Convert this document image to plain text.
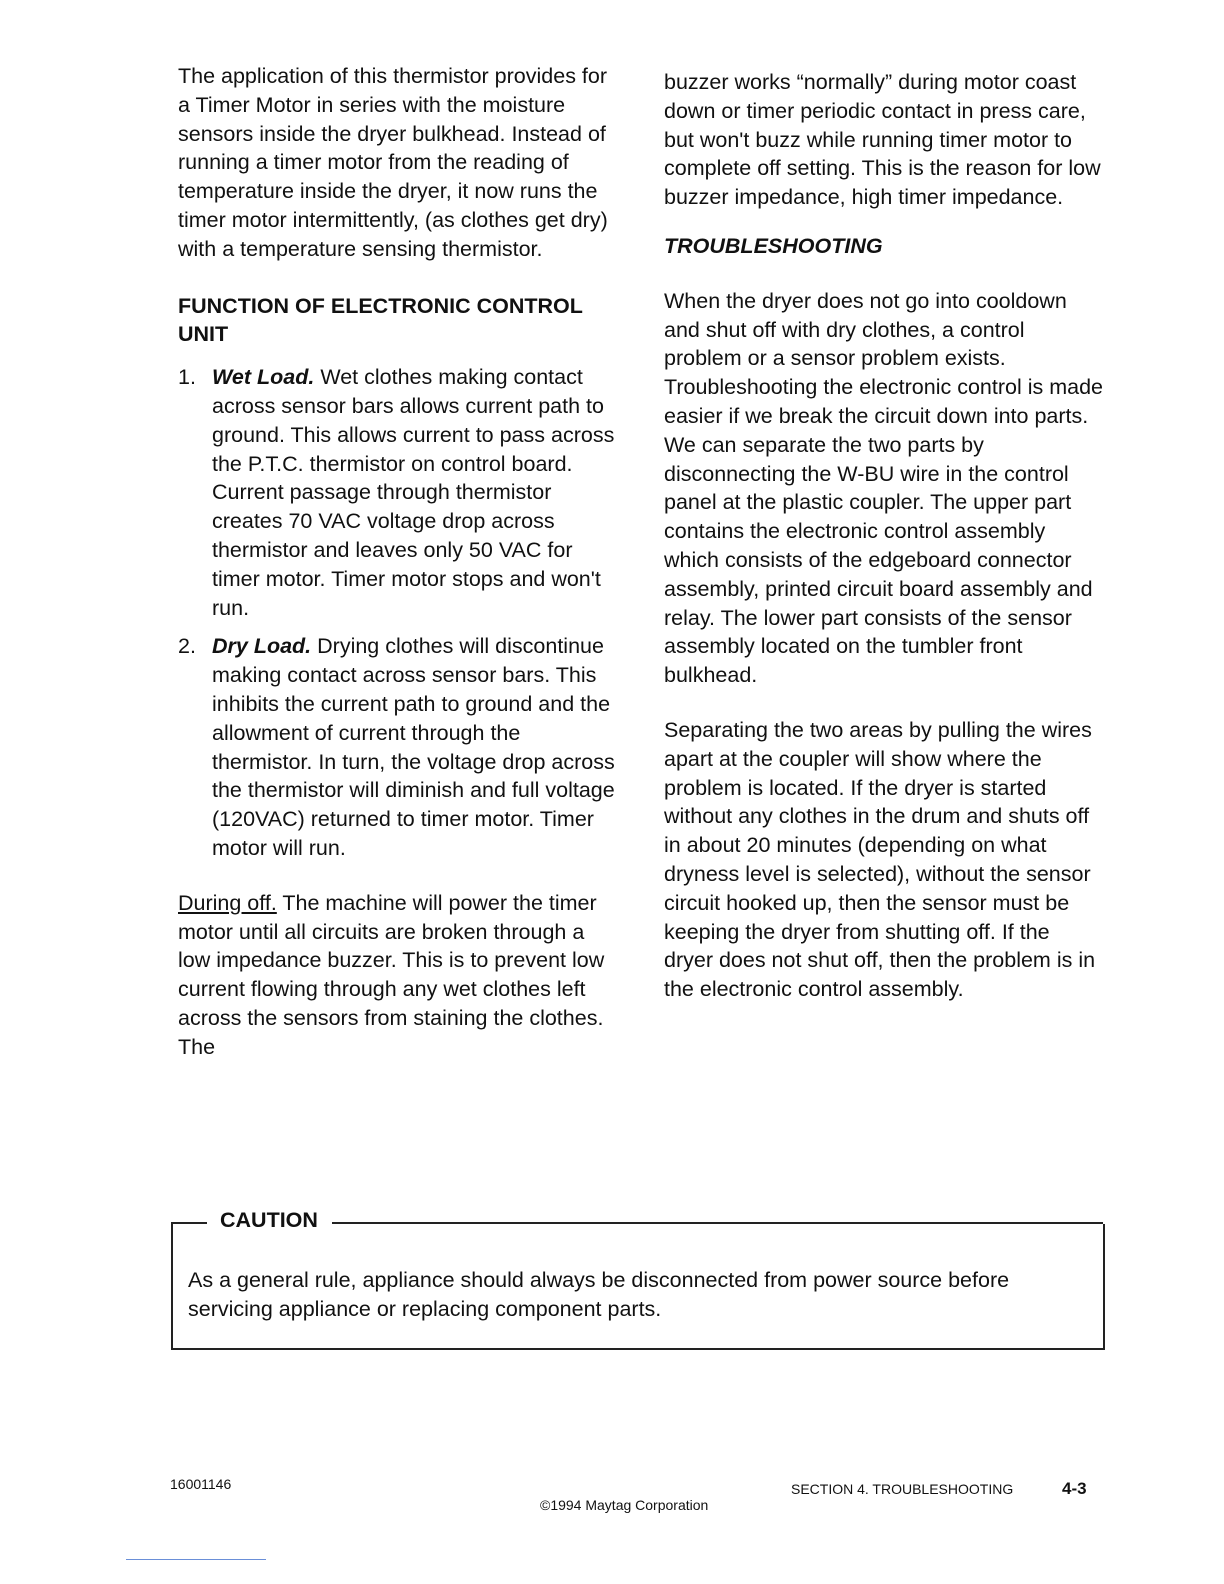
The application of this thermistor provides for a Timer Motor in series with the moisture sensors inside the dryer bulkhead. Instead of running a timer motor from the reading of temperature inside the dryer, it now runs the timer motor intermittently, (as clothes get dry) with a temperature sensing thermistor.

FUNCTION OF ELECTRONIC CONTROL UNIT

1. Wet Load. Wet clothes making contact across sensor bars allows current path to ground. This allows current to pass across the P.T.C. thermistor on control board. Current passage through thermistor creates 70 VAC voltage drop across thermistor and leaves only 50 VAC for timer motor. Timer motor stops and won't run.
2. Dry Load. Drying clothes will discontinue making contact across sensor bars. This inhibits the current path to ground and the allowment of current through the thermistor. In turn, the voltage drop across the thermistor will diminish and full voltage (120VAC) returned to timer motor. Timer motor will run.

During off. The machine will power the timer motor until all circuits are broken through a low impedance buzzer. This is to prevent low current flowing through any wet clothes left across the sensors from staining the clothes. The

buzzer works “normally” during motor coast down or timer periodic contact in press care, but won't buzz while running timer motor to complete off setting. This is the reason for low buzzer impedance, high timer impedance.

TROUBLESHOOTING

When the dryer does not go into cooldown and shut off with dry clothes, a control problem or a sensor problem exists. Troubleshooting the electronic control is made easier if we break the circuit down into parts. We can separate the two parts by disconnecting the W-BU wire in the control panel at the plastic coupler. The upper part contains the electronic control assembly which consists of the edgeboard connector assembly, printed circuit board assembly and relay. The lower part consists of the sensor assembly located on the tumbler front bulkhead.

Separating the two areas by pulling the wires apart at the coupler will show where the problem is located. If the dryer is started without any clothes in the drum and shuts off in about 20 minutes (depending on what dryness level is selected), without the sensor circuit hooked up, then the sensor must be keeping the dryer from shutting off. If the dryer does not shut off, then the problem is in the electronic control assembly.

CAUTION
As a general rule, appliance should always be disconnected from power source before servicing appliance or replacing component parts.
16001146
©1994 Maytag Corporation
SECTION 4. TROUBLESHOOTING	4-3
